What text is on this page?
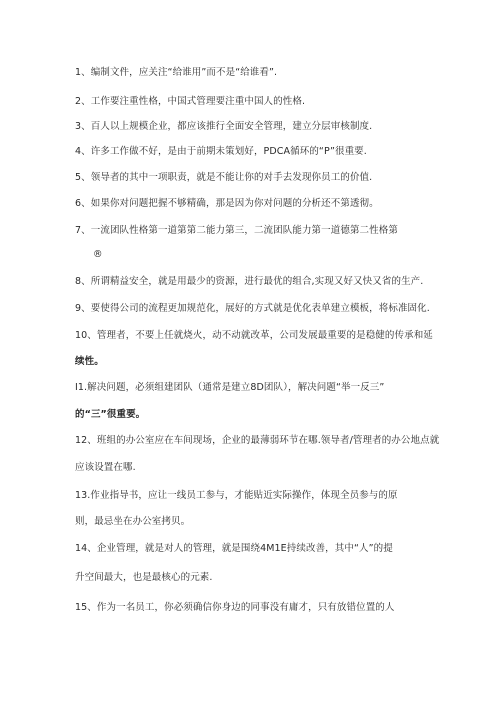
1、编制文件，应关注“给谁用”而不是“给谁看”.
2、工作要注重性格，中国式管理要注重中国人的性格.
3、百人以上规模企业，都应该推行全面安全管理，建立分层审核制度.
4、许多工作做不好，是由于前期未策划好，PDCA循环的“P”很重要.
5、领导者的其中一项职责，就是不能让你的对手去发现你员工的价值.
6、如果你对问题把握不够精确，那是因为你对问题的分析还不第透彻。
7、一流团队性格第一道第第二能力第三，二流团队能力第一道德第二性格第
®
8、所谓精益安全，就是用最少的资源，进行最优的组合,实现又好又快又省的生产.
9、要使得公司的流程更加规范化，展好的方式就是优化表单建立模板，将标准固化.
10、管理者，不要上任就烧火，动不动就改革，公司发展最重要的是稳健的传承和延
续性。
I1.解决问题，必须组建团队（通常是建立8D团队），解决问题“举一反三”
的“三”很重要。
12、班组的办公室应在车间现场，企业的最薄弱环节在哪.领导者/管理者的办公地点就
应该设置在哪.
13.作业指导书，应让一线员工参与，才能贴近实际操作，体现全员参与的原
则，最忌坐在办公室拷贝。
14、企业管理，就是对人的管理，就是围绕4M1E持续改善，其中“人”的提
升空间最大，也是最核心的元素.
15、作为一名员工，你必须确信你身边的同事没有庸才，只有放错位置的人
